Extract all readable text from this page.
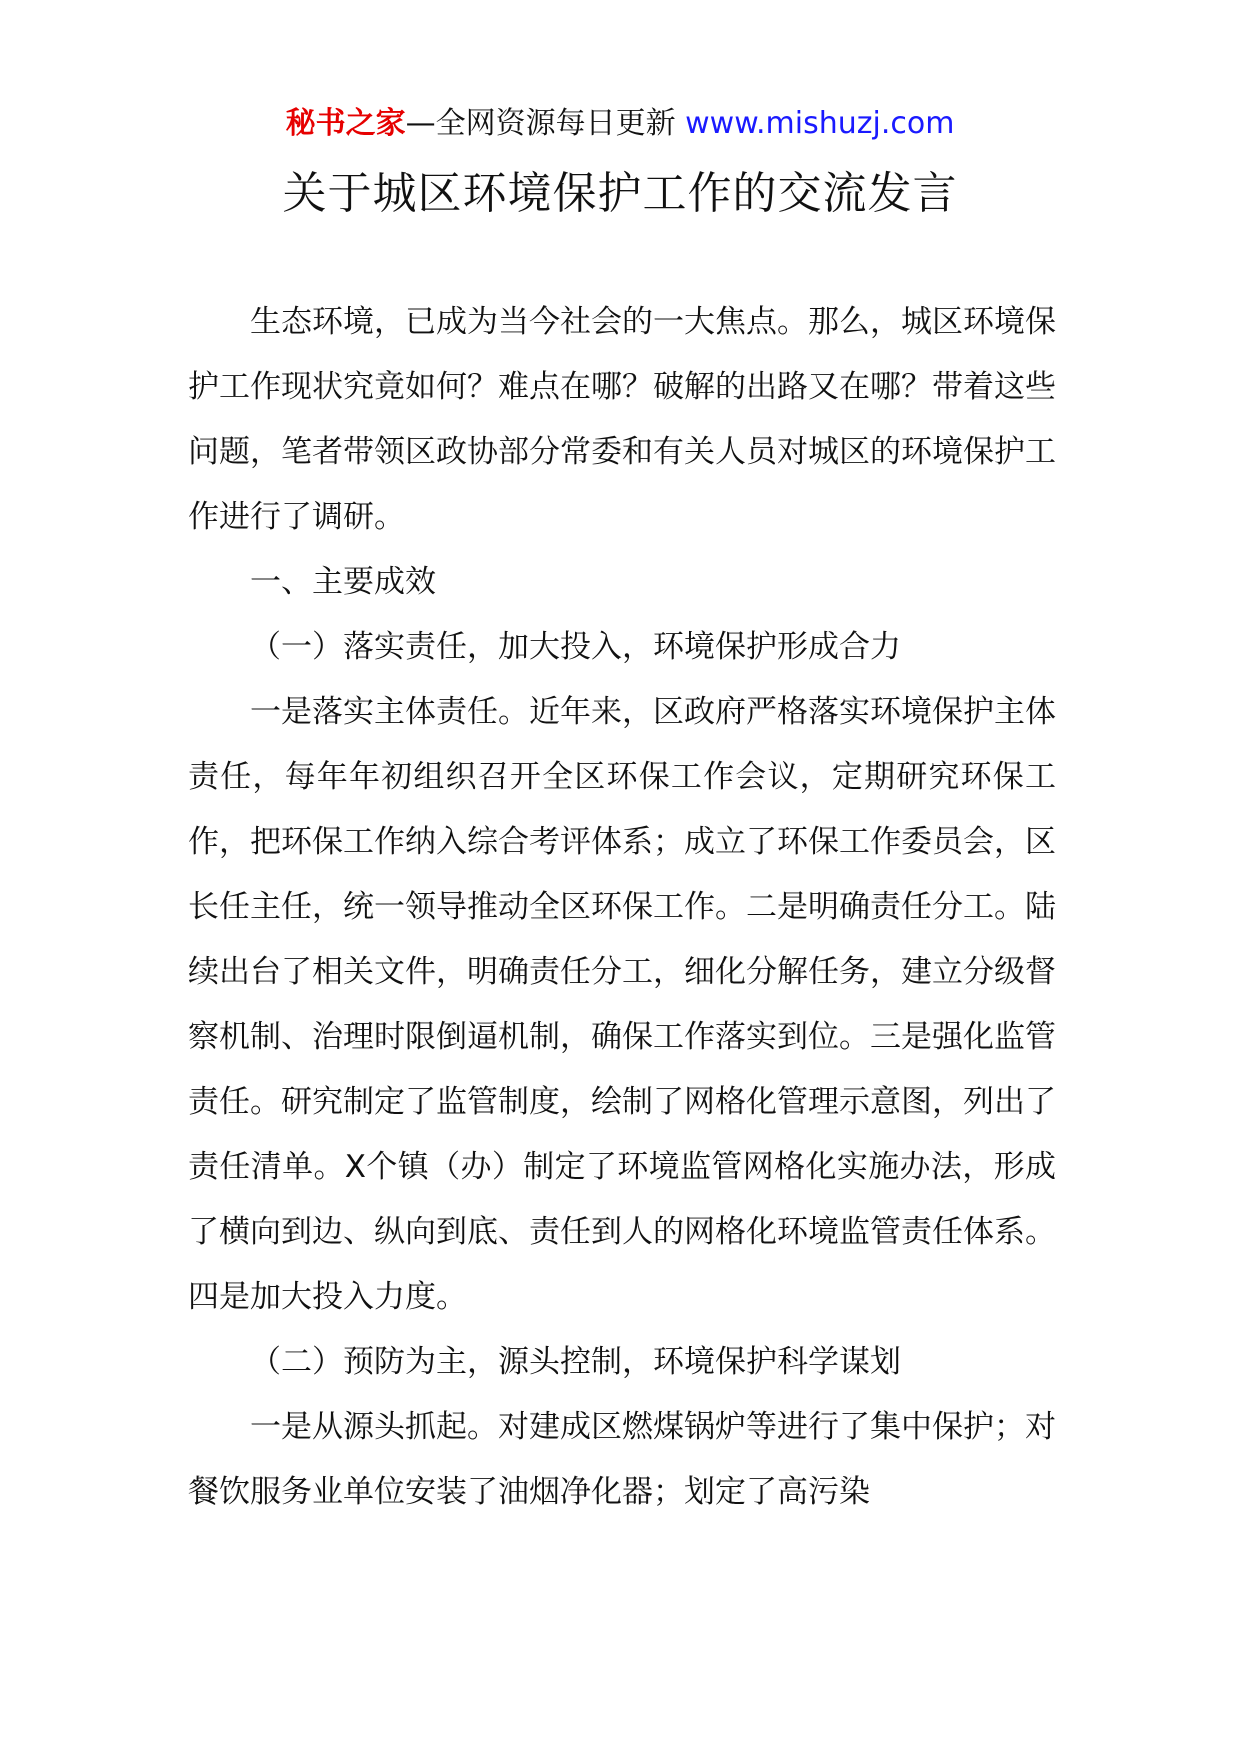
秘书之家—全网资源每日更新 www.mishuzj.com
关于城区环境保护工作的交流发言

生态环境，已成为当今社会的一大焦点。那么，城区环境保护工作现状究竟如何？难点在哪？破解的出路又在哪？带着这些问题，笔者带领区政协部分常委和有关人员对城区的环境保护工作进行了调研。

一、主要成效

（一）落实责任，加大投入，环境保护形成合力

一是落实主体责任。近年来，区政府严格落实环境保护主体责任，每年年初组织召开全区环保工作会议，定期研究环保工作，把环保工作纳入综合考评体系；成立了环保工作委员会，区长任主任，统一领导推动全区环保工作。二是明确责任分工。陆续出台了相关文件，明确责任分工，细化分解任务，建立分级督察机制、治理时限倒逼机制，确保工作落实到位。三是强化监管责任。研究制定了监管制度，绘制了网格化管理示意图，列出了责任清单。X个镇（办）制定了环境监管网格化实施办法，形成了横向到边、纵向到底、责任到人的网格化环境监管责任体系。四是加大投入力度。

（二）预防为主，源头控制，环境保护科学谋划

一是从源头抓起。对建成区燃煤锅炉等进行了集中保护；对餐饮服务业单位安装了油烟净化器；划定了高污染
